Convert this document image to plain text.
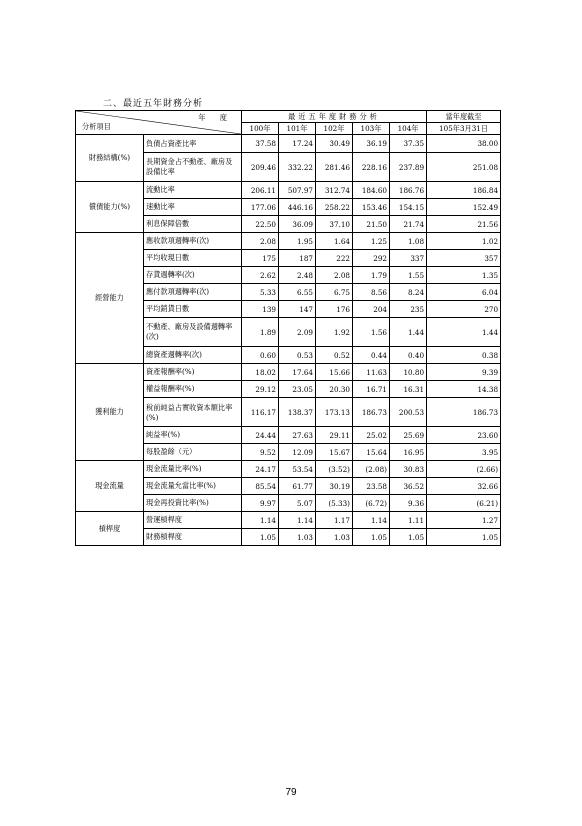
二、最近五年財務分析
年　　度
分析項目		最近五年度財務分析					當年度截至
		100年	101年	102年	103年	104年	105年3月31日
財務結構(%)	負債占資產比率	37.58	17.24	30.49	36.19	37.35	38.00
	長期資金占不動產、廠房及設備比率	209.46	332.22	281.46	228.16	237.89	251.08
償債能力(%)	流動比率	206.11	507.97	312.74	184.60	186.76	186.84
	速動比率	177.06	446.16	258.22	153.46	154.15	152.49
	利息保障倍數	22.50	36.09	37.10	21.50	21.74	21.56
經營能力	應收款項週轉率(次)	2.08	1.95	1.64	1.25	1.08	1.02
	平均收現日數	175	187	222	292	337	357
	存貨週轉率(次)	2.62	2.48	2.08	1.79	1.55	1.35
	應付款項週轉率(次)	5.33	6.55	6.75	8.56	8.24	6.04
	平均銷貨日數	139	147	176	204	235	270
	不動產、廠房及設備週轉率(次)	1.89	2.09	1.92	1.56	1.44	1.44
	總資產週轉率(次)	0.60	0.53	0.52	0.44	0.40	0.38
獲利能力	資產報酬率(%)	18.02	17.64	15.66	11.63	10.80	9.39
	權益報酬率(%)	29.12	23.05	20.30	16.71	16.31	14.38
	稅前純益占實收資本額比率(%)	116.17	138.37	173.13	186.73	200.53	186.73
	純益率(%)	24.44	27.63	29.11	25.02	25.69	23.60
	每股盈餘（元）	9.52	12.09	15.67	15.64	16.95	3.95
現金流量	現金流量比率(%)	24.17	53.54	(3.52)	(2.08)	30.83	(2.66)
	現金流量允當比率(%)	85.54	61.77	30.19	23.58	36.52	32.66
	現金再投資比率(%)	9.97	5.07	(5.33)	(6.72)	9.36	(6.21)
槓桿度	營運槓桿度	1.14	1.14	1.17	1.14	1.11	1.27
	財務槓桿度	1.05	1.03	1.03	1.05	1.05	1.05
79
